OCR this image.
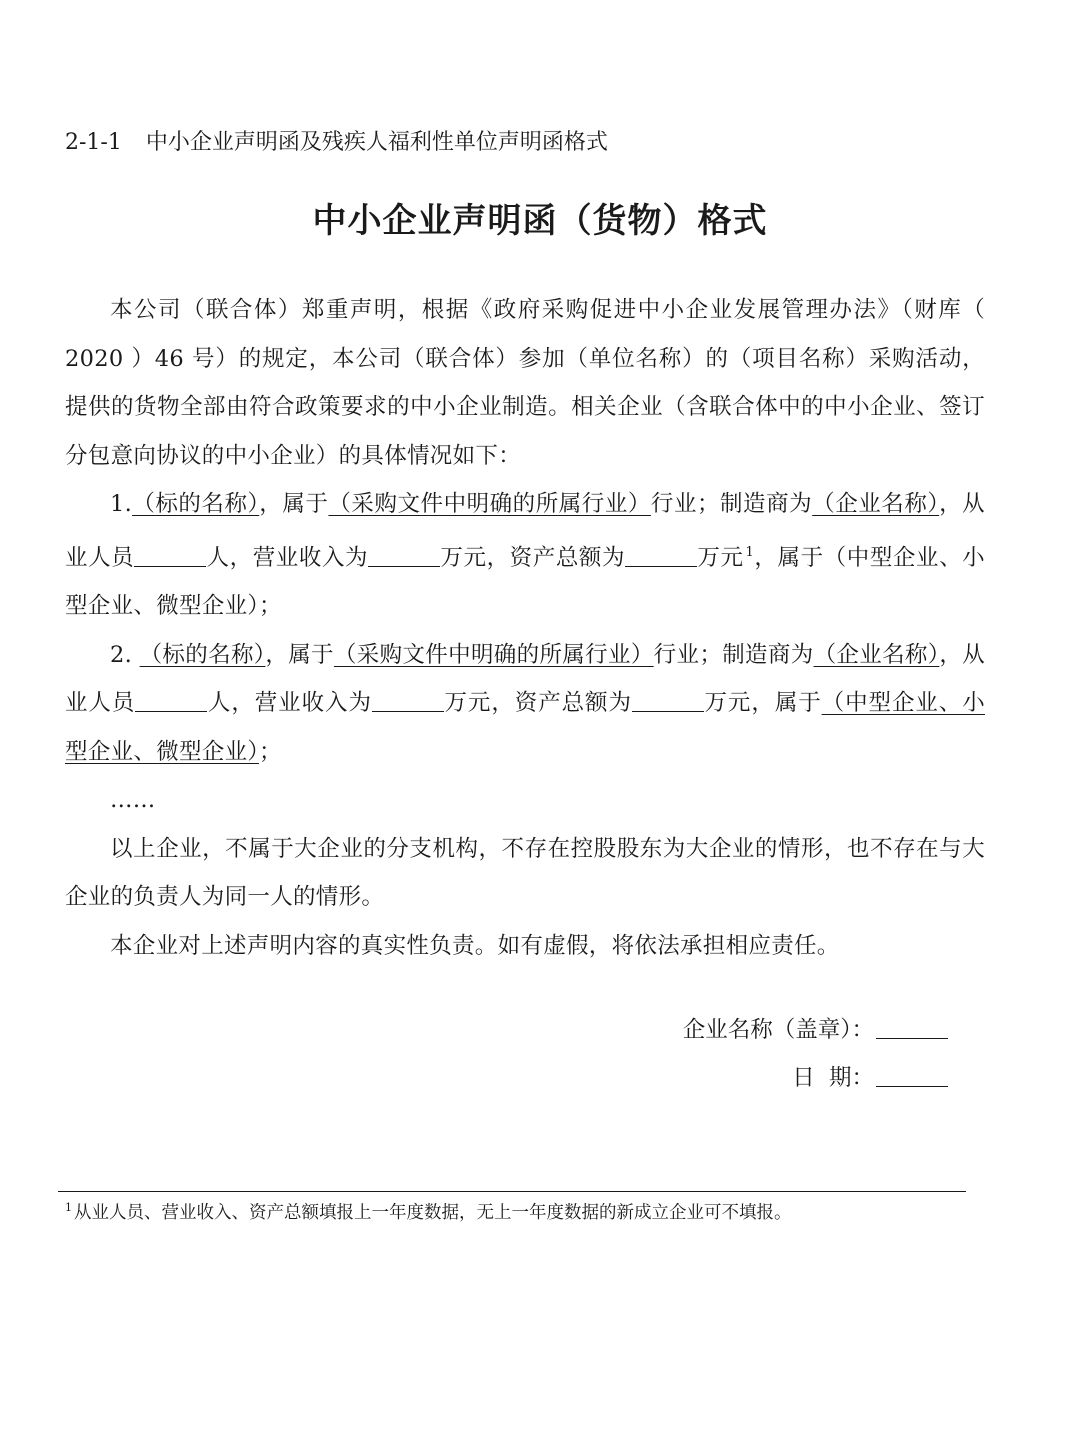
2-1-1 中小企业声明函及残疾人福利性单位声明函格式
中小企业声明函（货物）格式

本公司（联合体）郑重声明，根据《政府采购促进中小企业发展管理办法》（财库（ 2020 ）46 号）的规定，本公司（联合体）参加（单位名称）的（项目名称）采购活动，提供的货物全部由符合政策要求的中小企业制造。相关企业（含联合体中的中小企业、签订分包意向协议的中小企业）的具体情况如下：

1.（标的名称），属于（采购文件中明确的所属行业）行业；制造商为（企业名称），从业人员	人，营业收入为	万元，资产总额为	万元 $^1$，属于（中型企业、小型企业、微型企业）；

2. （标的名称），属于（采购文件中明确的所属行业）行业；制造商为（企业名称），从业人员	人，营业收入为	万元，资产总额为	万元，属于（中型企业、小型企业、微型企业）；

……

以上企业，不属于大企业的分支机构，不存在控股股东为大企业的情形，也不存在与大企业的负责人为同一人的情形。

本企业对上述声明内容的真实性负责。如有虚假，将依法承担相应责任。

企业名称（盖章）：
日  期：
$^1$ 从业人员、营业收入、资产总额填报上一年度数据，无上一年度数据的新成立企业可不填报。
